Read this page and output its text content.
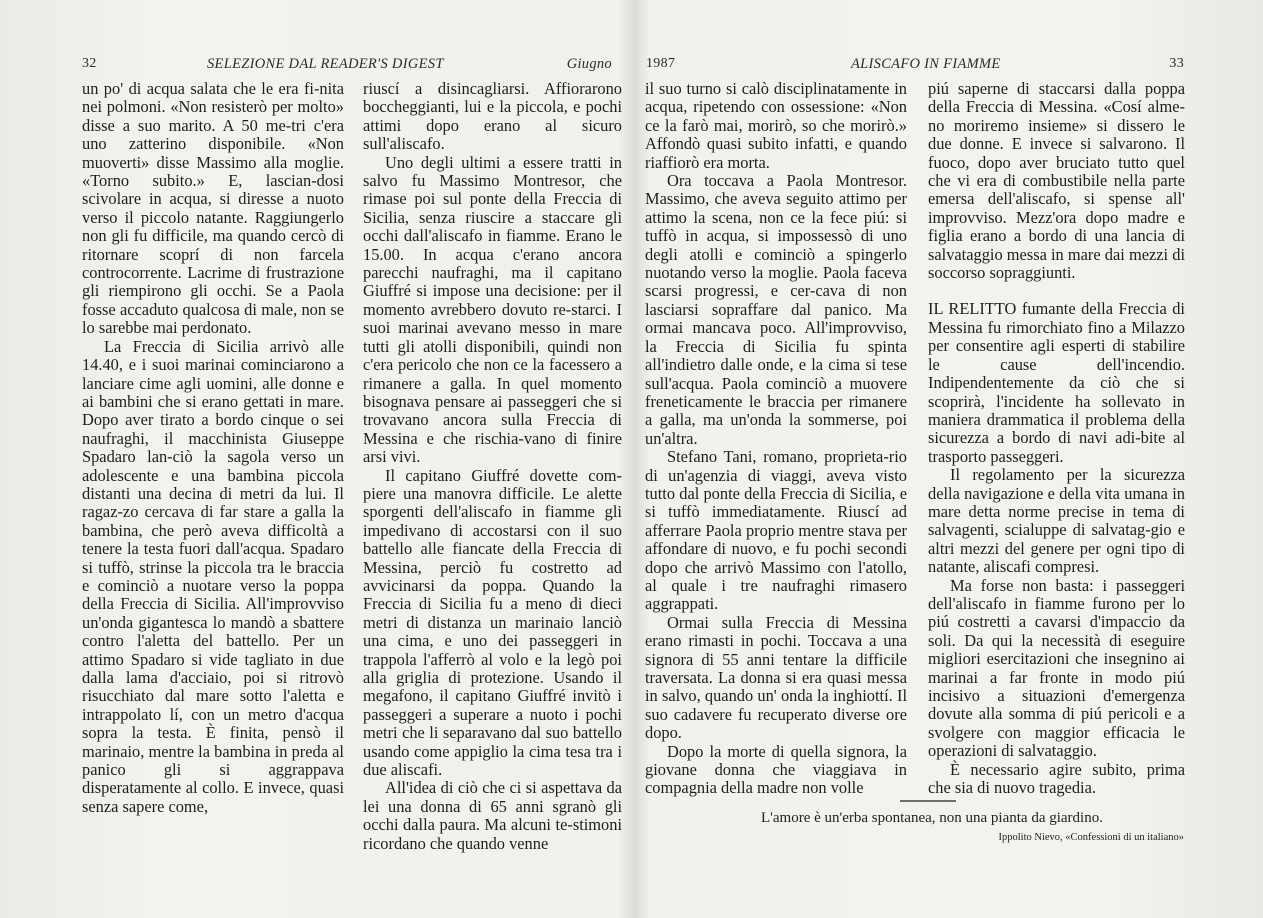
32	SELEZIONE DAL READER'S DIGEST	Giugno

un po' di acqua salata che le era fi-nita nei polmoni. «Non resisterò per molto» disse a suo marito. A 50 me-tri c'era uno zatterino disponibile. «Non muoverti» disse Massimo alla moglie. «Torno subito.» E, lascian-dosi scivolare in acqua, si diresse a nuoto verso il piccolo natante. Raggiungerlo non gli fu difficile, ma quando cercò di ritornare scoprí di non farcela controcorrente. Lacrime di frustrazione gli riempirono gli occhi. Se a Paola fosse accaduto qualcosa di male, non se lo sarebbe mai perdonato.

La Freccia di Sicilia arrivò alle 14.40, e i suoi marinai cominciarono a lanciare cime agli uomini, alle donne e ai bambini che si erano gettati in mare. Dopo aver tirato a bordo cinque o sei naufraghi, il macchinista Giuseppe Spadaro lan-ciò la sagola verso un adolescente e una bambina piccola distanti una decina di metri da lui. Il ragaz-zo cercava di far stare a galla la bambina, che però aveva difficoltà a tenere la testa fuori dall'acqua. Spadaro si tuffò, strinse la piccola tra le braccia e cominciò a nuotare verso la poppa della Freccia di Sicilia. All'improvviso un'onda gigantesca lo mandò a sbattere contro l'aletta del battello. Per un attimo Spadaro si vide tagliato in due dalla lama d'acciaio, poi si ritrovò risucchiato dal mare sotto l'aletta e intrappolato lí, con un metro d'acqua sopra la testa. È finita, pensò il marinaio, mentre la bambina in preda al panico gli si aggrappava disperatamente al collo. E invece, quasi senza sapere come,

riuscí a disincagliarsi. Affiorarono boccheggianti, lui e la piccola, e pochi attimi dopo erano al sicuro sull'aliscafo.

Uno degli ultimi a essere tratti in salvo fu Massimo Montresor, che rimase poi sul ponte della Freccia di Sicilia, senza riuscire a staccare gli occhi dall'aliscafo in fiamme. Erano le 15.00. In acqua c'erano ancora parecchi naufraghi, ma il capitano Giuffré si impose una decisione: per il momento avrebbero dovuto re-starci. I suoi marinai avevano messo in mare tutti gli atolli disponibili, quindi non c'era pericolo che non ce la facessero a rimanere a galla. In quel momento bisognava pensare ai passeggeri che si trovavano ancora sulla Freccia di Messina e che rischia-vano di finire arsi vivi.

Il capitano Giuffré dovette com-piere una manovra difficile. Le alette sporgenti dell'aliscafo in fiamme gli impedivano di accostarsi con il suo battello alle fiancate della Freccia di Messina, perciò fu costretto ad avvicinarsi da poppa. Quando la Freccia di Sicilia fu a meno di dieci metri di distanza un marinaio lanciò una cima, e uno dei passeggeri in trappola l'afferrò al volo e la legò poi alla griglia di protezione. Usando il megafono, il capitano Giuffré invitò i passeggeri a superare a nuoto i pochi metri che li separavano dal suo battello usando come appiglio la cima tesa tra i due aliscafi.

All'idea di ciò che ci si aspettava da lei una donna di 65 anni sgranò gli occhi dalla paura. Ma alcuni te-stimoni ricordano che quando venne

1987	ALISCAFO IN FIAMME	33

il suo turno si calò disciplinatamente in acqua, ripetendo con ossessione: «Non ce la farò mai, morirò, so che morirò.» Affondò quasi subito infatti, e quando riaffiorò era morta.

Ora toccava a Paola Montresor. Massimo, che aveva seguito attimo per attimo la scena, non ce la fece piú: si tuffò in acqua, si impossessò di uno degli atolli e cominciò a spingerlo nuotando verso la moglie. Paola faceva scarsi progressi, e cer-cava di non lasciarsi sopraffare dal panico. Ma ormai mancava poco. All'improvviso, la Freccia di Sicilia fu spinta all'indietro dalle onde, e la cima si tese sull'acqua. Paola cominciò a muovere freneticamente le braccia per rimanere a galla, ma un'onda la sommerse, poi un'altra.

Stefano Tani, romano, proprieta-rio di un'agenzia di viaggi, aveva visto tutto dal ponte della Freccia di Sicilia, e si tuffò immediatamente. Riuscí ad afferrare Paola proprio mentre stava per affondare di nuovo, e fu pochi secondi dopo che arrivò Massimo con l'atollo, al quale i tre naufraghi rimasero aggrappati.

Ormai sulla Freccia di Messina erano rimasti in pochi. Toccava a una signora di 55 anni tentare la difficile traversata. La donna si era quasi messa in salvo, quando un' onda la inghiottí. Il suo cadavere fu recuperato diverse ore dopo.

Dopo la morte di quella signora, la giovane donna che viaggiava in compagnia della madre non volle

piú saperne di staccarsi dalla poppa della Freccia di Messina. «Cosí alme-no moriremo insieme» si dissero le due donne. E invece si salvarono. Il fuoco, dopo aver bruciato tutto quel che vi era di combustibile nella parte emersa dell'aliscafo, si spense all' improvviso. Mezz'ora dopo madre e figlia erano a bordo di una lancia di salvataggio messa in mare dai mezzi di soccorso sopraggiunti.

IL RELITTO fumante della Freccia di Messina fu rimorchiato fino a Milazzo per consentire agli esperti di stabilire le cause dell'incendio. Indipendentemente da ciò che si scoprirà, l'incidente ha sollevato in maniera drammatica il problema della sicurezza a bordo di navi adi-bite al trasporto passeggeri.

Il regolamento per la sicurezza della navigazione e della vita umana in mare detta norme precise in tema di salvagenti, scialuppe di salvatag-gio e altri mezzi del genere per ogni tipo di natante, aliscafi compresi.

Ma forse non basta: i passeggeri dell'aliscafo in fiamme furono per lo piú costretti a cavarsi d'impaccio da soli. Da qui la necessità di eseguire migliori esercitazioni che insegnino ai marinai a far fronte in modo piú incisivo a situazioni d'emergenza dovute alla somma di piú pericoli e a svolgere con maggior efficacia le operazioni di salvataggio.

È necessario agire subito, prima che sia di nuovo tragedia.

L'amore è un'erba spontanea, non una pianta da giardino.
Ippolito Nievo, «Confessioni di un italiano»
